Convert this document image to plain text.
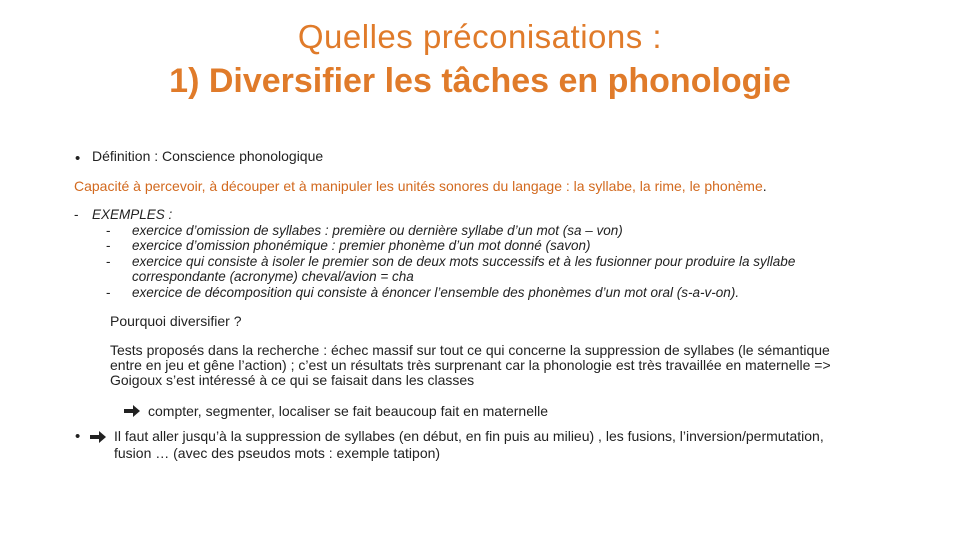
Quelles préconisations :
1) Diversifier les tâches en phonologie
• Définition : Conscience phonologique
Capacité à percevoir, à découper et à manipuler les unités sonores du langage : la syllabe, la rime, le phonème.
-	EXEMPLES :
-	exercice d’omission de syllabes : première ou dernière syllabe d’un mot (sa – von)
-	exercice d’omission phonémique : premier phonème d’un mot donné (savon)
-	exercice qui consiste à isoler le premier son de deux mots successifs et à les fusionner pour produire la syllabe correspondante (acronyme) cheval/avion = cha
-	exercice de décomposition qui consiste à énoncer l’ensemble des phonèmes d’un mot oral (s-a-v-on).
Pourquoi diversifier ?
Tests proposés dans la recherche : échec massif sur tout ce qui concerne la suppression de syllabes (le sémantique entre en jeu et gêne l’action) ; c’est un résultats très surprenant car la phonologie est très travaillée en maternelle => Goigoux s’est intéressé à ce qui se faisait dans les classes
compter, segmenter, localiser se fait beaucoup fait en maternelle
• Il faut aller jusqu’à la suppression de syllabes (en début, en fin puis au milieu) , les fusions, l’inversion/permutation, fusion … (avec des pseudos mots : exemple tatipon)
